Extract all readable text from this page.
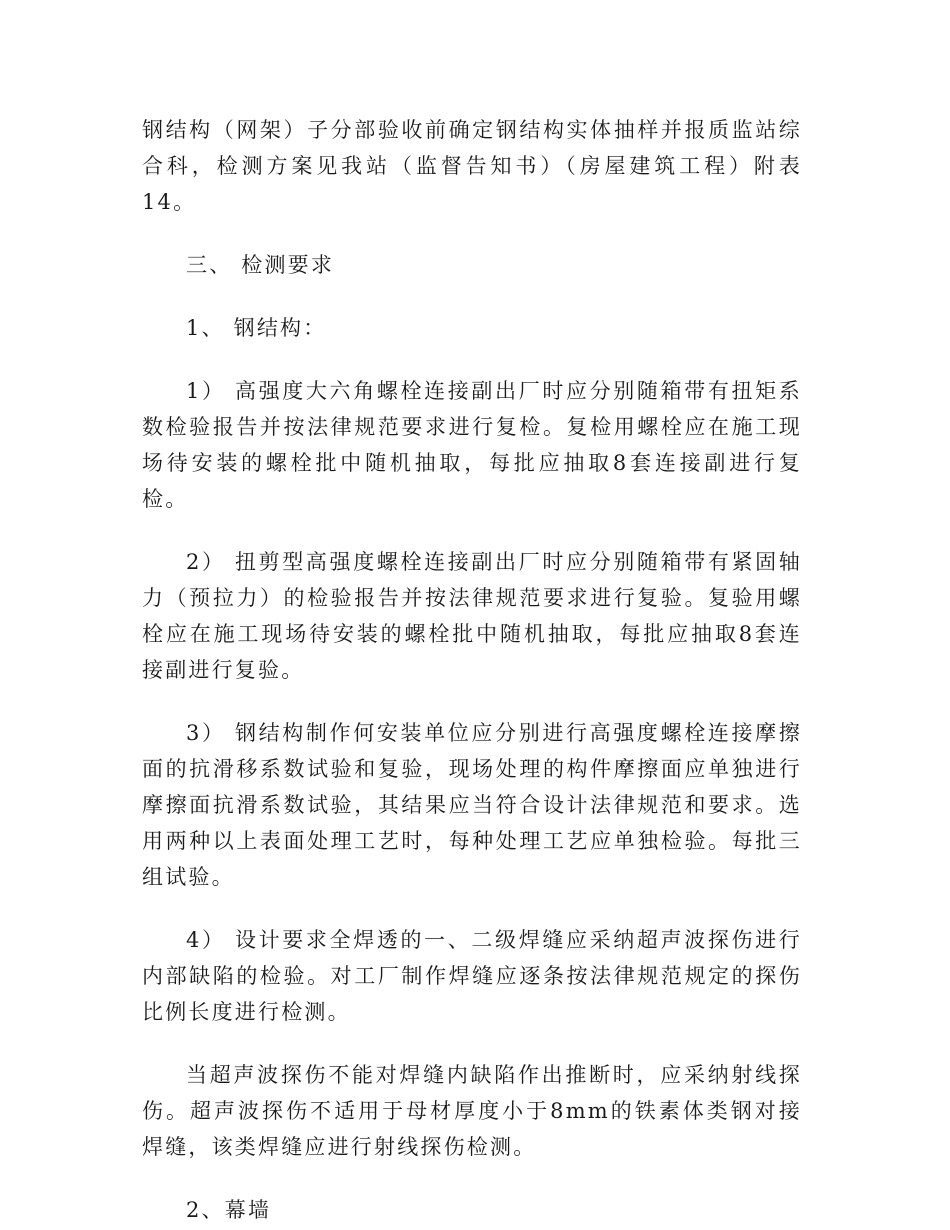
钢结构（网架）子分部验收前确定钢结构实体抽样并报质监站综合科，检测方案见我站（监督告知书）（房屋建筑工程）附表14。

三、 检测要求

1、 钢结构：

1） 高强度大六角螺栓连接副出厂时应分别随箱带有扭矩系数检验报告并按法律规范要求进行复检。复检用螺栓应在施工现场待安装的螺栓批中随机抽取，每批应抽取8套连接副进行复检。

2） 扭剪型高强度螺栓连接副出厂时应分别随箱带有紧固轴力（预拉力）的检验报告并按法律规范要求进行复验。复验用螺栓应在施工现场待安装的螺栓批中随机抽取，每批应抽取8套连接副进行复验。

3） 钢结构制作何安装单位应分别进行高强度螺栓连接摩擦面的抗滑移系数试验和复验，现场处理的构件摩擦面应单独进行摩擦面抗滑系数试验，其结果应当符合设计法律规范和要求。选用两种以上表面处理工艺时，每种处理工艺应单独检验。每批三组试验。

4） 设计要求全焊透的一、二级焊缝应采纳超声波探伤进行内部缺陷的检验。对工厂制作焊缝应逐条按法律规范规定的探伤比例长度进行检测。

当超声波探伤不能对焊缝内缺陷作出推断时，应采纳射线探伤。超声波探伤不适用于母材厚度小于8mm的铁素体类钢对接焊缝，该类焊缝应进行射线探伤检测。

2、幕墙
